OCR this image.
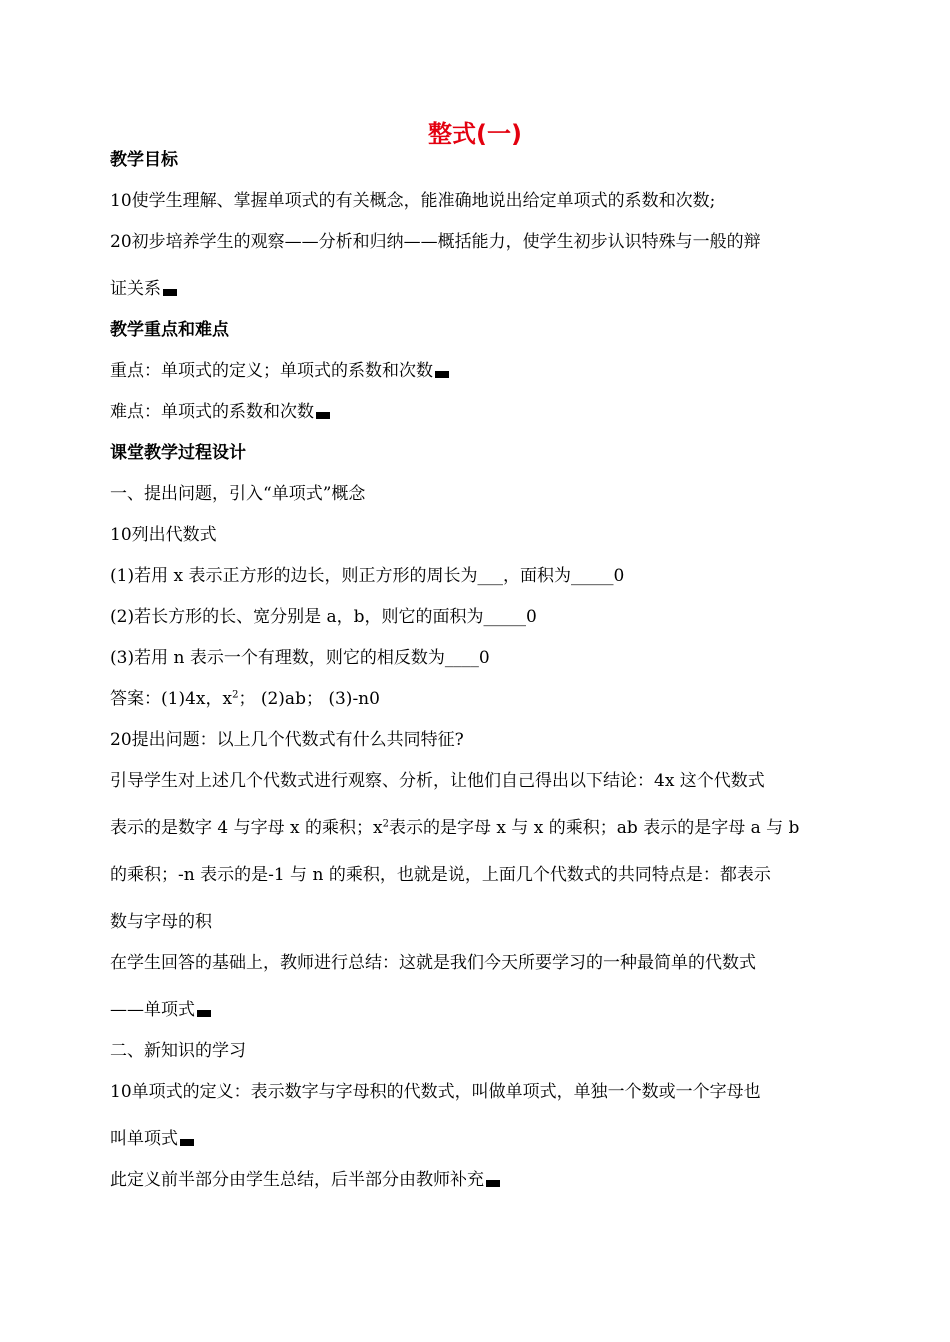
整式(一)
教学目标
10使学生理解、掌握单项式的有关概念，能准确地说出给定单项式的系数和次数;
20初步培养学生的观察——分析和归纳——概括能力，使学生初步认识特殊与一般的辩
证关系
教学重点和难点
重点：单项式的定义；单项式的系数和次数
难点：单项式的系数和次数
课堂教学过程设计
一、提出问题，引入“单项式”概念
10列出代数式
(1)若用 x 表示正方形的边长，则正方形的周长为___，面积为_____0
(2)若长方形的长、宽分别是 a，b，则它的面积为_____0
(3)若用 n 表示一个有理数，则它的相反数为____0
答案：(1)4x，$x^2$； (2)ab； (3)-n0
20提出问题：以上几个代数式有什么共同特征?
引导学生对上述几个代数式进行观察、分析，让他们自己得出以下结论：4x 这个代数式
表示的是数字 4 与字母 x 的乘积；$x^2$表示的是字母 x 与 x 的乘积；ab 表示的是字母 a 与 b
的乘积；-n 表示的是-1 与 n 的乘积，也就是说，上面几个代数式的共同特点是：都表示
数与字母的积
在学生回答的基础上，教师进行总结：这就是我们今天所要学习的一种最简单的代数式
——单项式
二、新知识的学习
10单项式的定义：表示数字与字母积的代数式，叫做单项式，单独一个数或一个字母也
叫单项式
此定义前半部分由学生总结，后半部分由教师补充
